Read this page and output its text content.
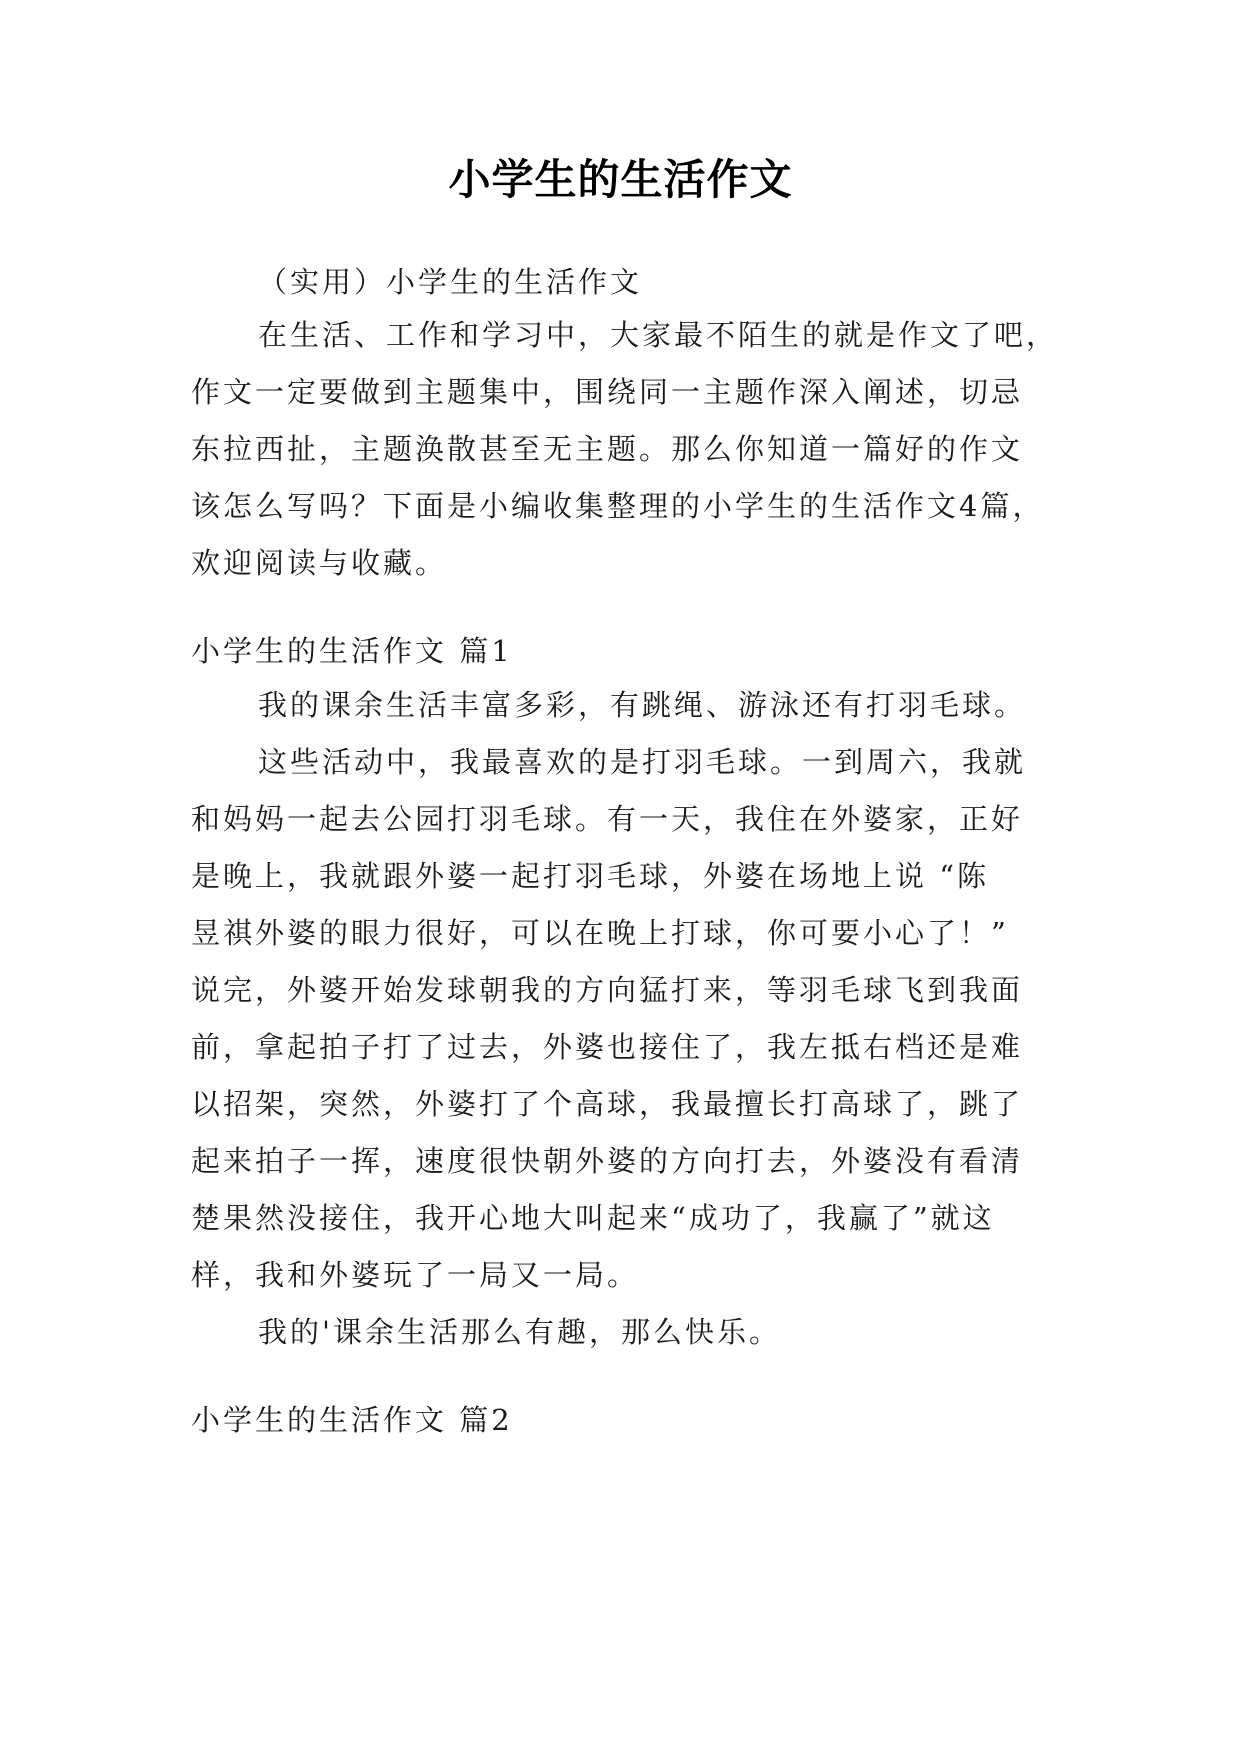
小学生的生活作文
（实用）小学生的生活作文
在生活、工作和学习中，大家最不陌生的就是作文了吧，
作文一定要做到主题集中，围绕同一主题作深入阐述，切忌
东拉西扯，主题涣散甚至无主题。那么你知道一篇好的作文
该怎么写吗？下面是小编收集整理的小学生的生活作文4篇，
欢迎阅读与收藏。
小学生的生活作文 篇1
我的课余生活丰富多彩，有跳绳、游泳还有打羽毛球。
这些活动中，我最喜欢的是打羽毛球。一到周六，我就
和妈妈一起去公园打羽毛球。有一天，我住在外婆家，正好
是晚上，我就跟外婆一起打羽毛球，外婆在场地上说 “陈
昱祺外婆的眼力很好，可以在晚上打球，你可要小心了！”
说完，外婆开始发球朝我的方向猛打来，等羽毛球飞到我面
前，拿起拍子打了过去，外婆也接住了，我左抵右档还是难
以招架，突然，外婆打了个高球，我最擅长打高球了，跳了
起来拍子一挥，速度很快朝外婆的方向打去，外婆没有看清
楚果然没接住，我开心地大叫起来“成功了，我赢了”就这
样，我和外婆玩了一局又一局。
我的'课余生活那么有趣，那么快乐。
小学生的生活作文 篇2
